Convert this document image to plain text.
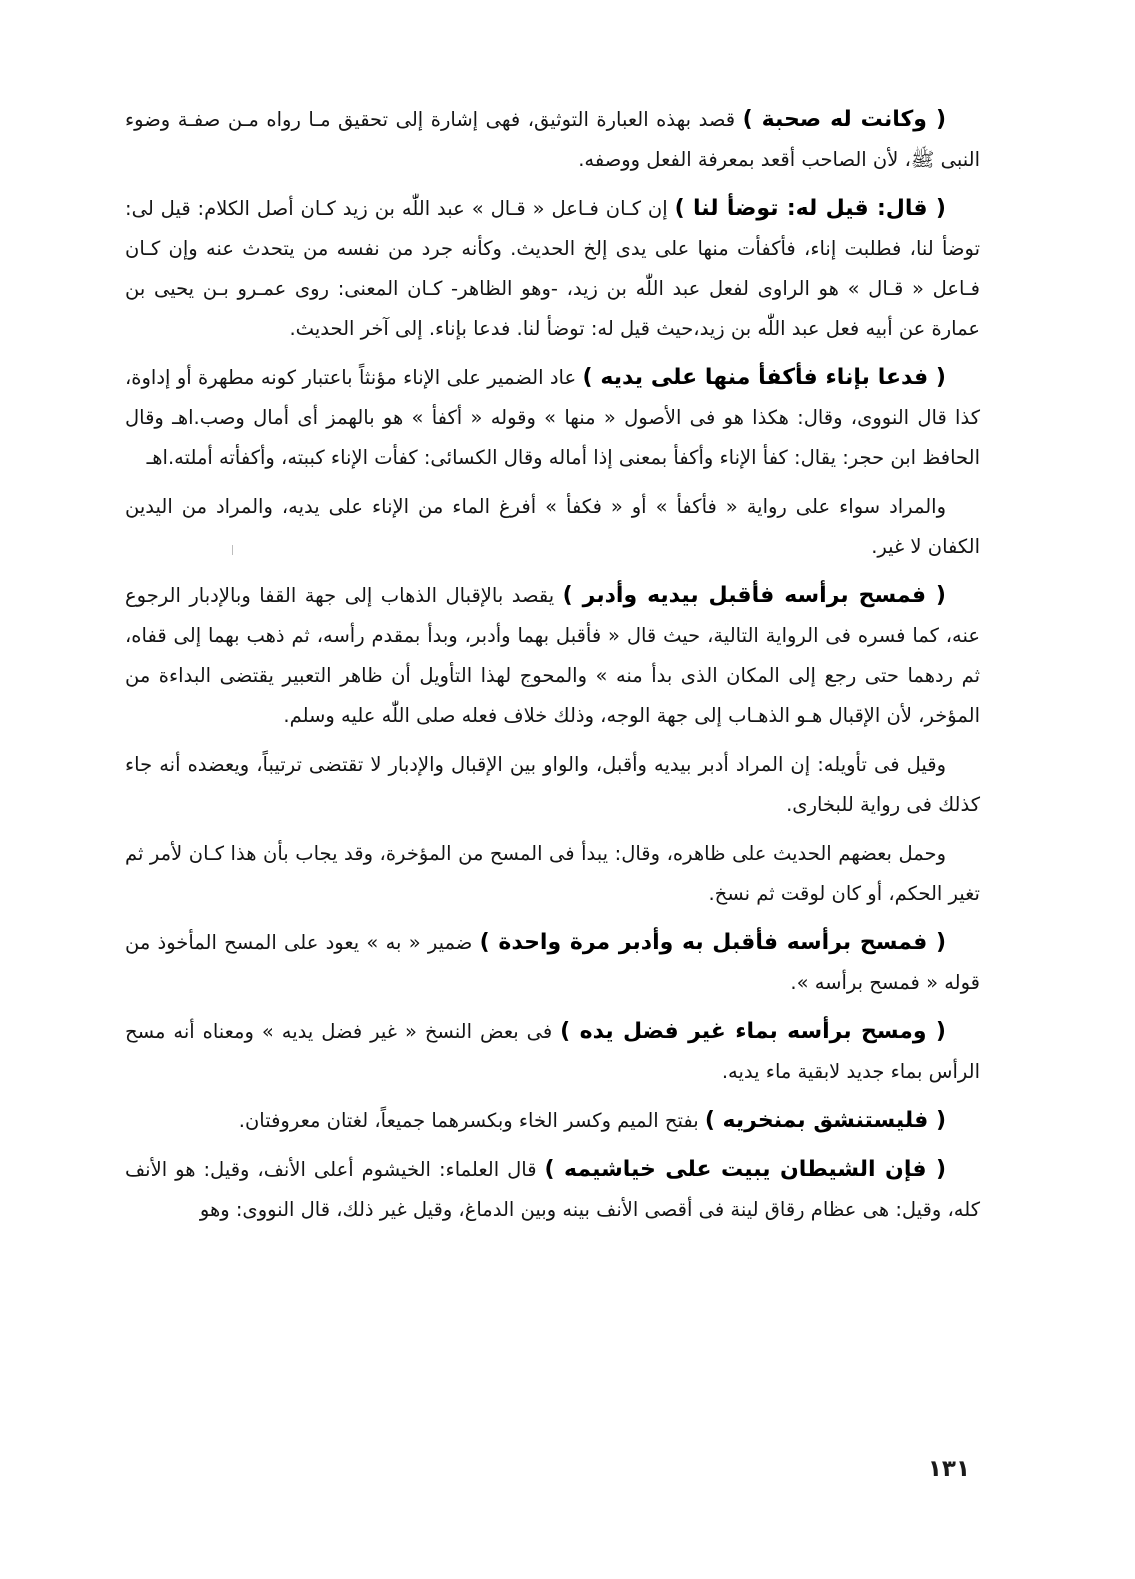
( وكانت له صحبة ) قصد بهذه العبارة التوثيق، فهى إشارة إلى تحقيق مـا رواه مـن صفـة وضوء النبى ﷺ، لأن الصاحب أقعد بمعرفة الفعل ووصفه.

( قال: قيل له: توضأ لنا ) إن كـان فـاعل « قـال » عبد اللّٰه بن زيد كـان أصل الكلام: قيل لى: توضأ لنا، فطلبت إناء، فأكفأت منها على يدى إلخ الحديث. وكأنه جرد من نفسه من يتحدث عنه وإن كـان فـاعل « قـال » هو الراوى لفعل عبد اللّٰه بن زيد، -وهو الظاهر- كـان المعنى: روى عمـرو بـن يحيى بن عمارة عن أبيه فعل عبد اللّٰه بن زيد،حيث قيل له: توضأ لنا. فدعا بإناء. إلى آخر الحديث.

( فدعا بإناء فأكفأ منها على يديه ) عاد الضمير على الإناء مؤنثاً باعتبار كونه مطهرة أو إداوة، كذا قال النووى، وقال: هكذا هو فى الأصول « منها » وقوله « أكفأ » هو بالهمز أى أمال وصب.اهـ وقال الحافظ ابن حجر: يقال: كفأ الإناء وأكفأ بمعنى إذا أماله وقال الكسائى: كفأت الإناء كببته، وأكفأته أملته.اهـ

والمراد سواء على رواية « فأكفأ » أو « فكفأ » أفرغ الماء من الإناء على يديه، والمراد من اليدين الكفان لا غير.

( فمسح برأسه فأقبل بيديه وأدبر ) يقصد بالإقبال الذهاب إلى جهة القفا وبالإدبار الرجوع عنه، كما فسره فى الرواية التالية، حيث قال « فأقبل بهما وأدبر، وبدأ بمقدم رأسه، ثم ذهب بهما إلى قفاه، ثم ردهما حتى رجع إلى المكان الذى بدأ منه » والمحوج لهذا التأويل أن ظاهر التعبير يقتضى البداءة من المؤخر، لأن الإقبال هـو الذهـاب إلى جهة الوجه، وذلك خلاف فعله صلى اللّٰه عليه وسلم.

وقيل فى تأويله: إن المراد أدبر بيديه وأقبل، والواو بين الإقبال والإدبار لا تقتضى ترتيباً، ويعضده أنه جاء كذلك فى رواية للبخارى.

وحمل بعضهم الحديث على ظاهره، وقال: يبدأ فى المسح من المؤخرة، وقد يجاب بأن هذا كـان لأمر ثم تغير الحكم، أو كان لوقت ثم نسخ.

( فمسح برأسه فأقبل به وأدبر مرة واحدة ) ضمير « به » يعود على المسح المأخوذ من قوله « فمسح برأسه ».

( ومسح برأسه بماء غير فضل يده ) فى بعض النسخ « غير فضل يديه » ومعناه أنه مسح الرأس بماء جديد لابقية ماء يديه.

( فليستنشق بمنخريه ) بفتح الميم وكسر الخاء وبكسرهما جميعاً، لغتان معروفتان.

( فإن الشيطان يبيت على خياشيمه ) قال العلماء: الخيشوم أعلى الأنف، وقيل: هو الأنف كله، وقيل: هى عظام رقاق لينة فى أقصى الأنف بينه وبين الدماغ، وقيل غير ذلك، قال النووى: وهو

١٣١
